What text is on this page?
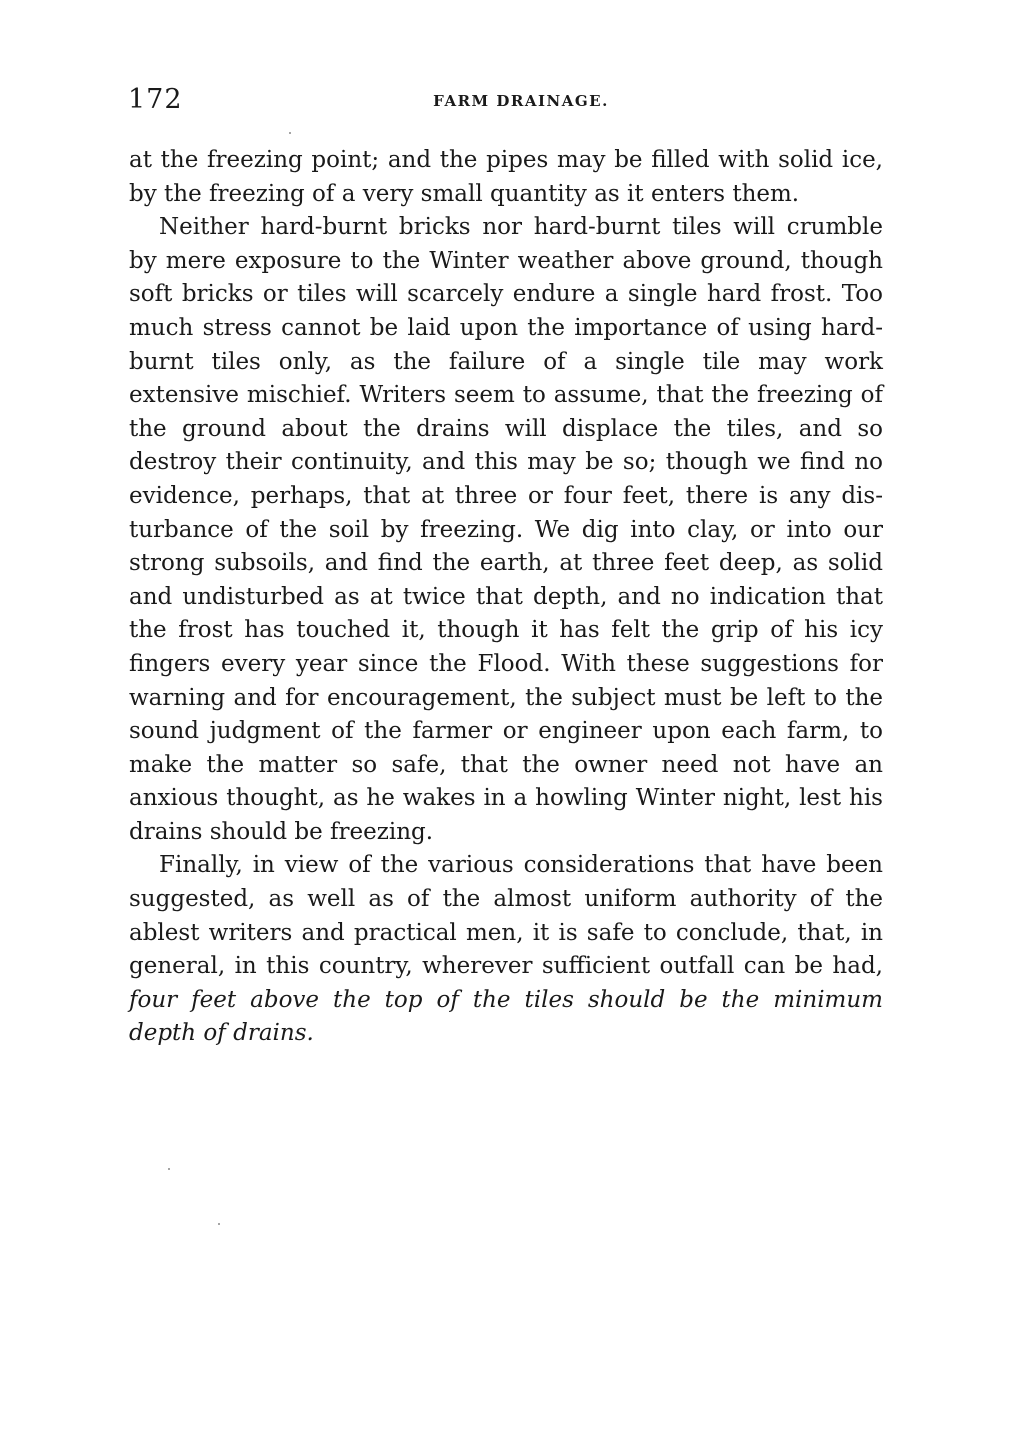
172	FARM DRAINAGE.

at the freezing point; and the pipes may be filled with solid ice, by the freezing of a very small quantity as it enters them.

Neither hard-burnt bricks nor hard-burnt tiles will crumble by mere exposure to the Winter weather above ground, though soft bricks or tiles will scarcely endure a single hard frost. Too much stress cannot be laid upon the importance of using hard-burnt tiles only, as the failure of a single tile may work extensive mischief. Writers seem to assume, that the freezing of the ground about the drains will displace the tiles, and so destroy their continuity, and this may be so; though we find no evidence, perhaps, that at three or four feet, there is any disturbance of the soil by freezing. We dig into clay, or into our strong subsoils, and find the earth, at three feet deep, as solid and undisturbed as at twice that depth, and no indication that the frost has touched it, though it has felt the grip of his icy fingers every year since the Flood. With these suggestions for warning and for encouragement, the subject must be left to the sound judgment of the farmer or engineer upon each farm, to make the matter so safe, that the owner need not have an anxious thought, as he wakes in a howling Winter night, lest his drains should be freezing.

Finally, in view of the various considerations that have been suggested, as well as of the almost uniform authority of the ablest writers and practical men, it is safe to conclude, that, in general, in this country, wherever sufficient outfall can be had, four feet above the top of the tiles should be the minimum depth of drains.
